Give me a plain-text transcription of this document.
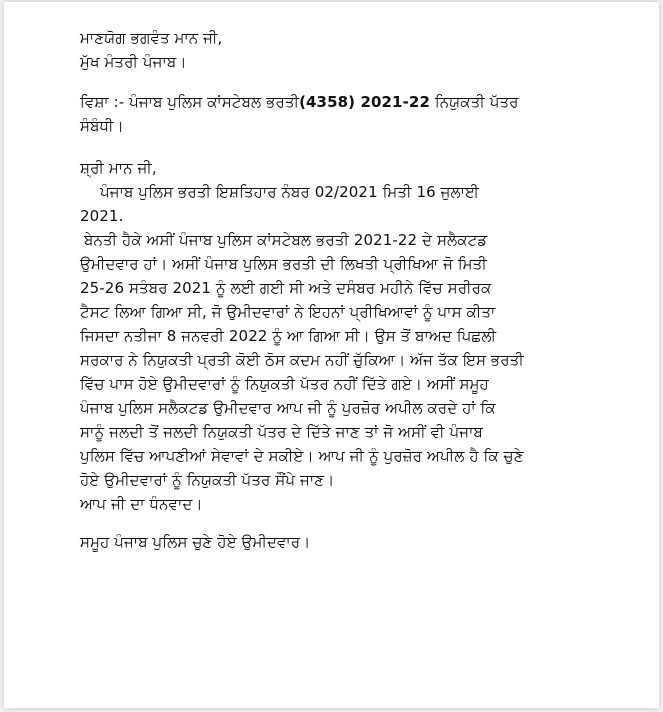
ਮਾਣਯੋਗ ਭਗਵੰਤ ਮਾਨ ਜੀ,
ਮੁੱਖ ਮੰਤਰੀ ਪੰਜਾਬ।
ਵਿਸ਼ਾ :- ਪੰਜਾਬ ਪੁਲਿਸ ਕਾਂਸਟੇਬਲ ਭਰਤੀ(4358) 2021-22 ਨਿਯੁਕਤੀ ਪੱਤਰ
ਸੰਬੰਧੀ।
ਸ਼੍ਰੀ ਮਾਨ ਜੀ,
ਪੰਜਾਬ ਪੁਲਿਸ ਭਰਤੀ ਇਸ਼ਤਿਹਾਰ ਨੰਬਰ 02/2021 ਮਿਤੀ 16 ਜੁਲਾਈ
2021.
ਬੇਨਤੀ ਹੈਕੇ ਅਸੀਂ ਪੰਜਾਬ ਪੁਲਿਸ ਕਾਂਸਟੇਬਲ ਭਰਤੀ 2021-22 ਦੇ ਸਲੈਕਟਡ
ਉਮੀਦਵਾਰ ਹਾਂ। ਅਸੀਂ ਪੰਜਾਬ ਪੁਲਿਸ ਭਰਤੀ ਦੀ ਲਿਖਤੀ ਪ੍ਰੀਖਿਆ ਜੋ ਮਿਤੀ
25-26 ਸਤੰਬਰ 2021 ਨੂੰ ਲਈ ਗਈ ਸੀ ਅਤੇ ਦਸੰਬਰ ਮਹੀਨੇ ਵਿੱਚ ਸਰੀਰਕ
ਟੈਸਟ ਲਿਆ ਗਿਆ ਸੀ, ਜੋ ਉਮੀਦਵਾਰਾਂ ਨੇ ਇਹਨਾਂ ਪ੍ਰੀਖਿਆਵਾਂ ਨੂੰ ਪਾਸ ਕੀਤਾ
ਜਿਸਦਾ ਨਤੀਜਾ 8 ਜਨਵਰੀ 2022 ਨੂੰ ਆ ਗਿਆ ਸੀ। ਉਸ ਤੋਂ ਬਾਅਦ ਪਿਛਲੀ
ਸਰਕਾਰ ਨੇ ਨਿਯੁਕਤੀ ਪ੍ਰਤੀ ਕੋਈ ਠੋਸ ਕਦਮ ਨਹੀਂ ਚੁੱਕਿਆ। ਅੱਜ ਤੱਕ ਇਸ ਭਰਤੀ
ਵਿੱਚ ਪਾਸ ਹੋਏ ਉਮੀਦਵਾਰਾਂ ਨੂੰ ਨਿਯੁਕਤੀ ਪੱਤਰ ਨਹੀਂ ਦਿੱਤੇ ਗਏ। ਅਸੀਂ ਸਮੂਹ
ਪੰਜਾਬ ਪੁਲਿਸ ਸਲੈਕਟਡ ਉਮੀਦਵਾਰ ਆਪ ਜੀ ਨੂੰ ਪੁਰਜ਼ੋਰ ਅਪੀਲ ਕਰਦੇ ਹਾਂ ਕਿ
ਸਾਨੂੰ ਜਲਦੀ ਤੋਂ ਜਲਦੀ ਨਿਯੁਕਤੀ ਪੱਤਰ ਦੇ ਦਿੱਤੇ ਜਾਣ ਤਾਂ ਜੋ ਅਸੀਂ ਵੀ ਪੰਜਾਬ
ਪੁਲਿਸ ਵਿੱਚ ਆਪਣੀਆਂ ਸੇਵਾਵਾਂ ਦੇ ਸਕੀਏ। ਆਪ ਜੀ ਨੂੰ ਪੁਰਜ਼ੋਰ ਅਪੀਲ ਹੈ ਕਿ ਚੁਣੇ
ਹੋਏ ਉਮੀਦਵਾਰਾਂ ਨੂੰ ਨਿਯੁਕਤੀ ਪੱਤਰ ਸੌਂਪੇ ਜਾਣ।
ਆਪ ਜੀ ਦਾ ਧੰਨਵਾਦ।
ਸਮੂਹ ਪੰਜਾਬ ਪੁਲਿਸ ਚੁਣੇ ਹੋਏ ਉਮੀਦਵਾਰ।
